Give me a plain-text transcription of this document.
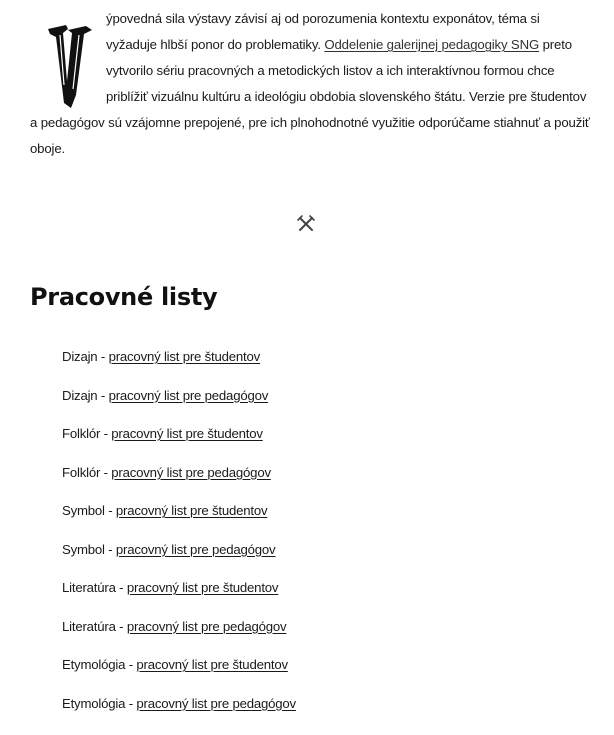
ýpovedná sila výstavy závisí aj od porozumenia kontextu exponátov, téma si vyžaduje hlbší ponor do problematiky. Oddelenie galerijnej pedagogiky SNG preto vytvorilo sériu pracovných a metodických listov a ich interaktívnou formou chce priblížiť vizuálnu kultúru a ideológiu obdobia slovenského štátu. Verzie pre študentov a pedagógov sú vzájomne prepojené, pre ich plnohodnotné využitie odporúčame stiahnuť a použiť oboje.

Pracovné listy
Dizajn - pracovný list pre študentov
Dizajn - pracovný list pre pedagógov
Folklór - pracovný list pre študentov
Folklór - pracovný list pre pedagógov
Symbol - pracovný list pre študentov
Symbol - pracovný list pre pedagógov
Literatúra - pracovný list pre študentov
Literatúra - pracovný list pre pedagógov
Etymológia - pracovný list pre študentov
Etymológia - pracovný list pre pedagógov
